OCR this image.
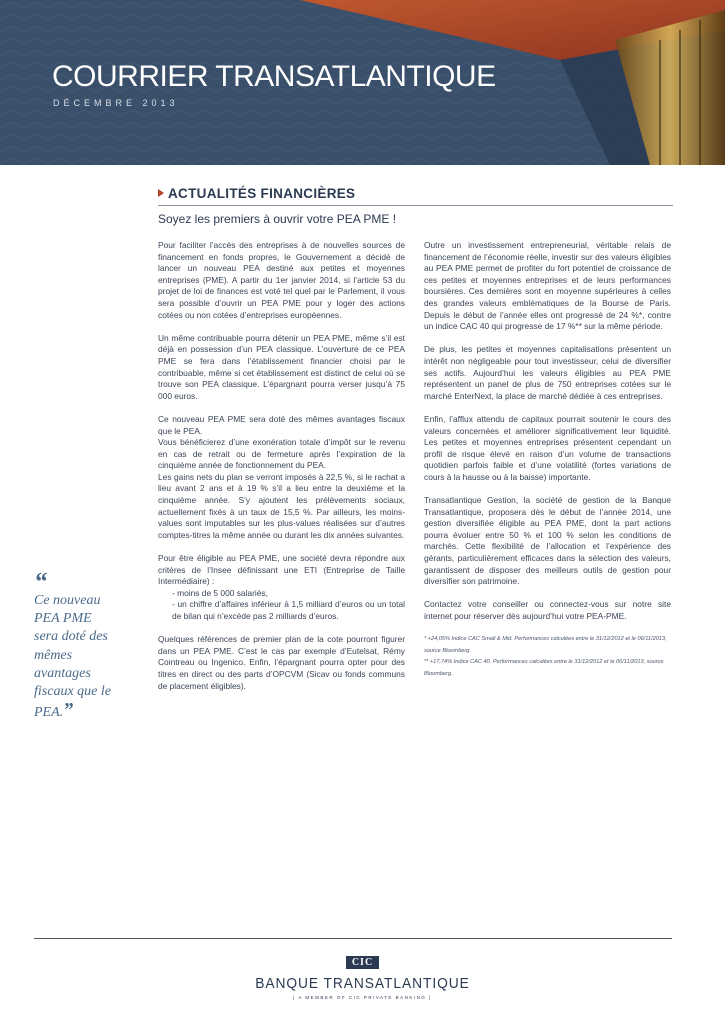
COURRIER TRANSATLANTIQUE
DÉCEMBRE 2013
ACTUALITÉS FINANCIÈRES
Soyez les premiers à ouvrir votre PEA PME !

Pour faciliter l’accès des entreprises à de nouvelles sources de financement en fonds propres, le Gouvernement a décidé de lancer un nouveau PEA destiné aux petites et moyennes entreprises (PME). A partir du 1er janvier 2014, si l’article 53 du projet de loi de finances est voté tel quel par le Parlement, il vous sera possible d’ouvrir un PEA PME pour y loger des actions cotées ou non cotées d’entreprises européennes.

Un même contribuable pourra détenir un PEA PME, même s’il est déjà en possession d’un PEA classique. L’ouverture de ce PEA PME se fera dans l’établissement financier choisi par le contribuable, même si cet établissement est distinct de celui où se trouve son PEA classique. L’épargnant pourra verser jusqu’à 75 000 euros.

Ce nouveau PEA PME sera doté des mêmes avantages fiscaux que le PEA.
Vous bénéficierez d’une exonération totale d’impôt sur le revenu en cas de retrait ou de fermeture après l’expiration de la cinquième année de fonctionnement du PEA.

Les gains nets du plan se verront imposés à 22,5 %, si le rachat a lieu avant 2 ans et à 19 % s’il a lieu entre la deuxième et la cinquième année. S’y ajoutent les prélèvements sociaux, actuellement fixés à un taux de 15,5 %. Par ailleurs, les moins-values sont imputables sur les plus-values réalisées sur d’autres comptes-titres la même année ou durant les dix années suivantes.

Pour être éligible au PEA PME, une société devra répondre aux critères de l’Insee définissant une ETI (Entreprise de Taille Intermédiaire) :
- moins de 5 000 salariés,
- un chiffre d’affaires inférieur à 1,5 milliard d’euros ou un total de bilan qui n’excède pas 2 milliards d’euros.

Quelques références de premier plan de la cote pourront figurer dans un PEA PME. C’est le cas par exemple d’Eutelsat, Rémy Cointreau ou Ingenico. Enfin, l’épargnant pourra opter pour des titres en direct ou des parts d’OPCVM (Sicav ou fonds communs de placement éligibles).

Outre un investissement entrepreneurial, véritable relais de financement de l’économie réelle, investir sur des valeurs éligibles au PEA PME permet de profiter du fort potentiel de croissance de ces petites et moyennes entreprises et de leurs performances boursières. Ces dernières sont en moyenne supérieures à celles des grandes valeurs emblématiques de la Bourse de Paris. Depuis le début de l’année elles ont progressé de 24 %*, contre un indice CAC 40 qui progresse de 17 %** sur la même période.

De plus, les petites et moyennes capitalisations présentent un intérêt non négligeable pour tout investisseur, celui de diversifier ses actifs. Aujourd’hui les valeurs éligibles au PEA PME représentent un panel de plus de 750 entreprises cotées sur le marché EnterNext, la place de marché dédiée à ces entreprises.

Enfin, l’afflux attendu de capitaux pourrait soutenir le cours des valeurs concernées et améliorer significativement leur liquidité. Les petites et moyennes entreprises présentent cependant un profil de risque élevé en raison d’un volume de transactions quotidien parfois faible et d’une volatilité (fortes variations de cours à la hausse ou à la baisse) importante.

Transatlantique Gestion, la société de gestion de la Banque Transatlantique, proposera dès le début de l’année 2014, une gestion diversifiée éligible au PEA PME, dont la part actions pourra évoluer entre 50 % et 100 % selon les conditions de marchés. Cette flexibilité de l’allocation et l’expérience des gérants, particulièrement efficaces dans la sélection des valeurs, garantissent de disposer des meilleurs outils de gestion pour diversifier son patrimoine.

Contactez votre conseiller ou connectez-vous sur notre site internet pour réserver dès aujourd’hui votre PEA-PME.

* +24,05% Indice CAC Small & Mid. Performances calculées entre le 31/12/2012 et le 06/11/2013, source Bloomberg.
** +17,74% Indice CAC 40. Performances calculées entre le 31/12/2012 et le 06/11/2013, source Bloomberg.
“
Ce nouveau PEA PME sera doté des mêmes avantages fiscaux que le PEA.”
CIC
BANQUE TRANSATLANTIQUE
| A MEMBER OF CIC PRIVATE BANKING |
